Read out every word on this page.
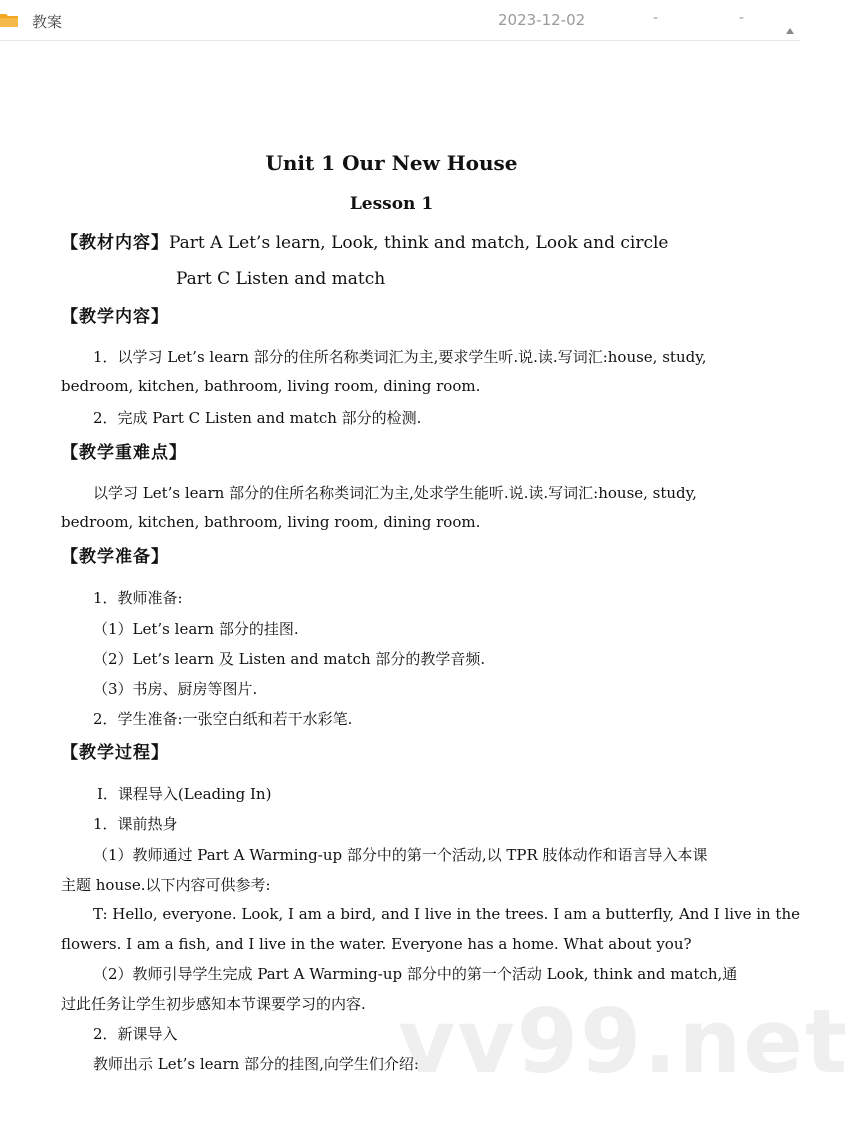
教案	2023-12-02	-	-
Unit 1 Our New House
Lesson 1
【教材内容】Part A Let’s learn, Look, think and match, Look and circle
Part C Listen and match
【教学内容】
1．以学习 Let’s learn 部分的住所名称类词汇为主,要求学生听.说.读.写词汇:house, study,
bedroom, kitchen, bathroom, living room, dining room.
2．完成 Part C Listen and match 部分的检测.
【教学重难点】
以学习 Let’s learn 部分的住所名称类词汇为主,处求学生能听.说.读.写词汇:house, study,
bedroom, kitchen, bathroom, living room, dining room.
【教学准备】
1．教师准备:
（1）Let’s learn 部分的挂图.
（2）Let’s learn 及 Listen and match 部分的教学音频.
（3）书房、厨房等图片.
2．学生准备:一张空白纸和若干水彩笔.
【教学过程】
Ⅰ．课程导入(Leading In)
1．课前热身
（1）教师通过 Part A Warming-up 部分中的第一个活动,以 TPR 肢体动作和语言导入本课
主题 house.以下内容可供参考:
T: Hello, everyone. Look, I am a bird, and I live in the trees. I am a butterfly, And I live in the
flowers. I am a fish, and I live in the water. Everyone has a home. What about you?
（2）教师引导学生完成 Part A Warming-up 部分中的第一个活动 Look, think and match,通
过此任务让学生初步感知本节课要学习的内容.
2．新课导入
教师出示 Let’s learn 部分的挂图,向学生们介绍:
vv99.net
